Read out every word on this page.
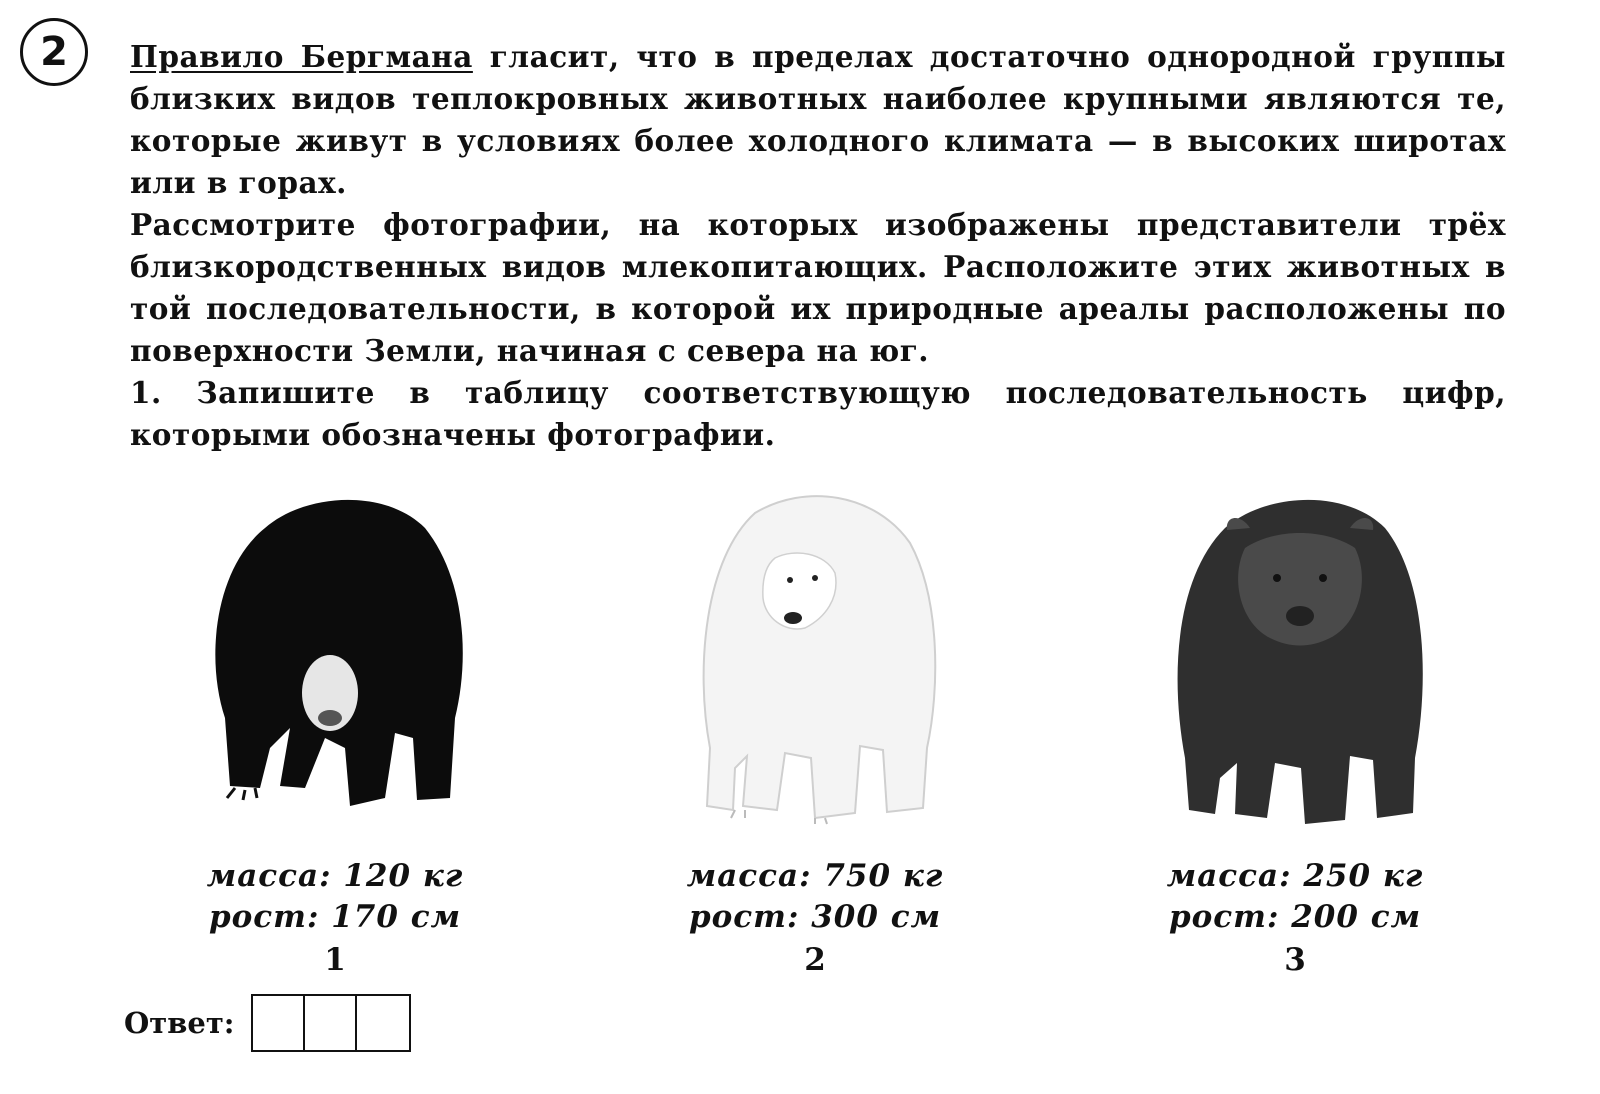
2	Правило Бергмана гласит, что в пределах достаточно однородной группы близких видов теплокровных животных наиболее крупными являются те, которые живут в условиях более холодного климата — в высоких широтах или в горах.

Рассмотрите фотографии, на которых изображены представители трёх близкородственных видов млекопитающих. Расположите этих животных в той последовательности, в которой их природные ареалы расположены по поверхности Земли, начиная с севера на юг.

1. Запишите в таблицу соответствующую последовательность цифр, которыми обозначены фотографии.

масса: 120 кг
рост: 170 см
1
масса: 750 кг
рост: 300 см
2
масса: 250 кг
рост: 200 см
3
Ответ:
